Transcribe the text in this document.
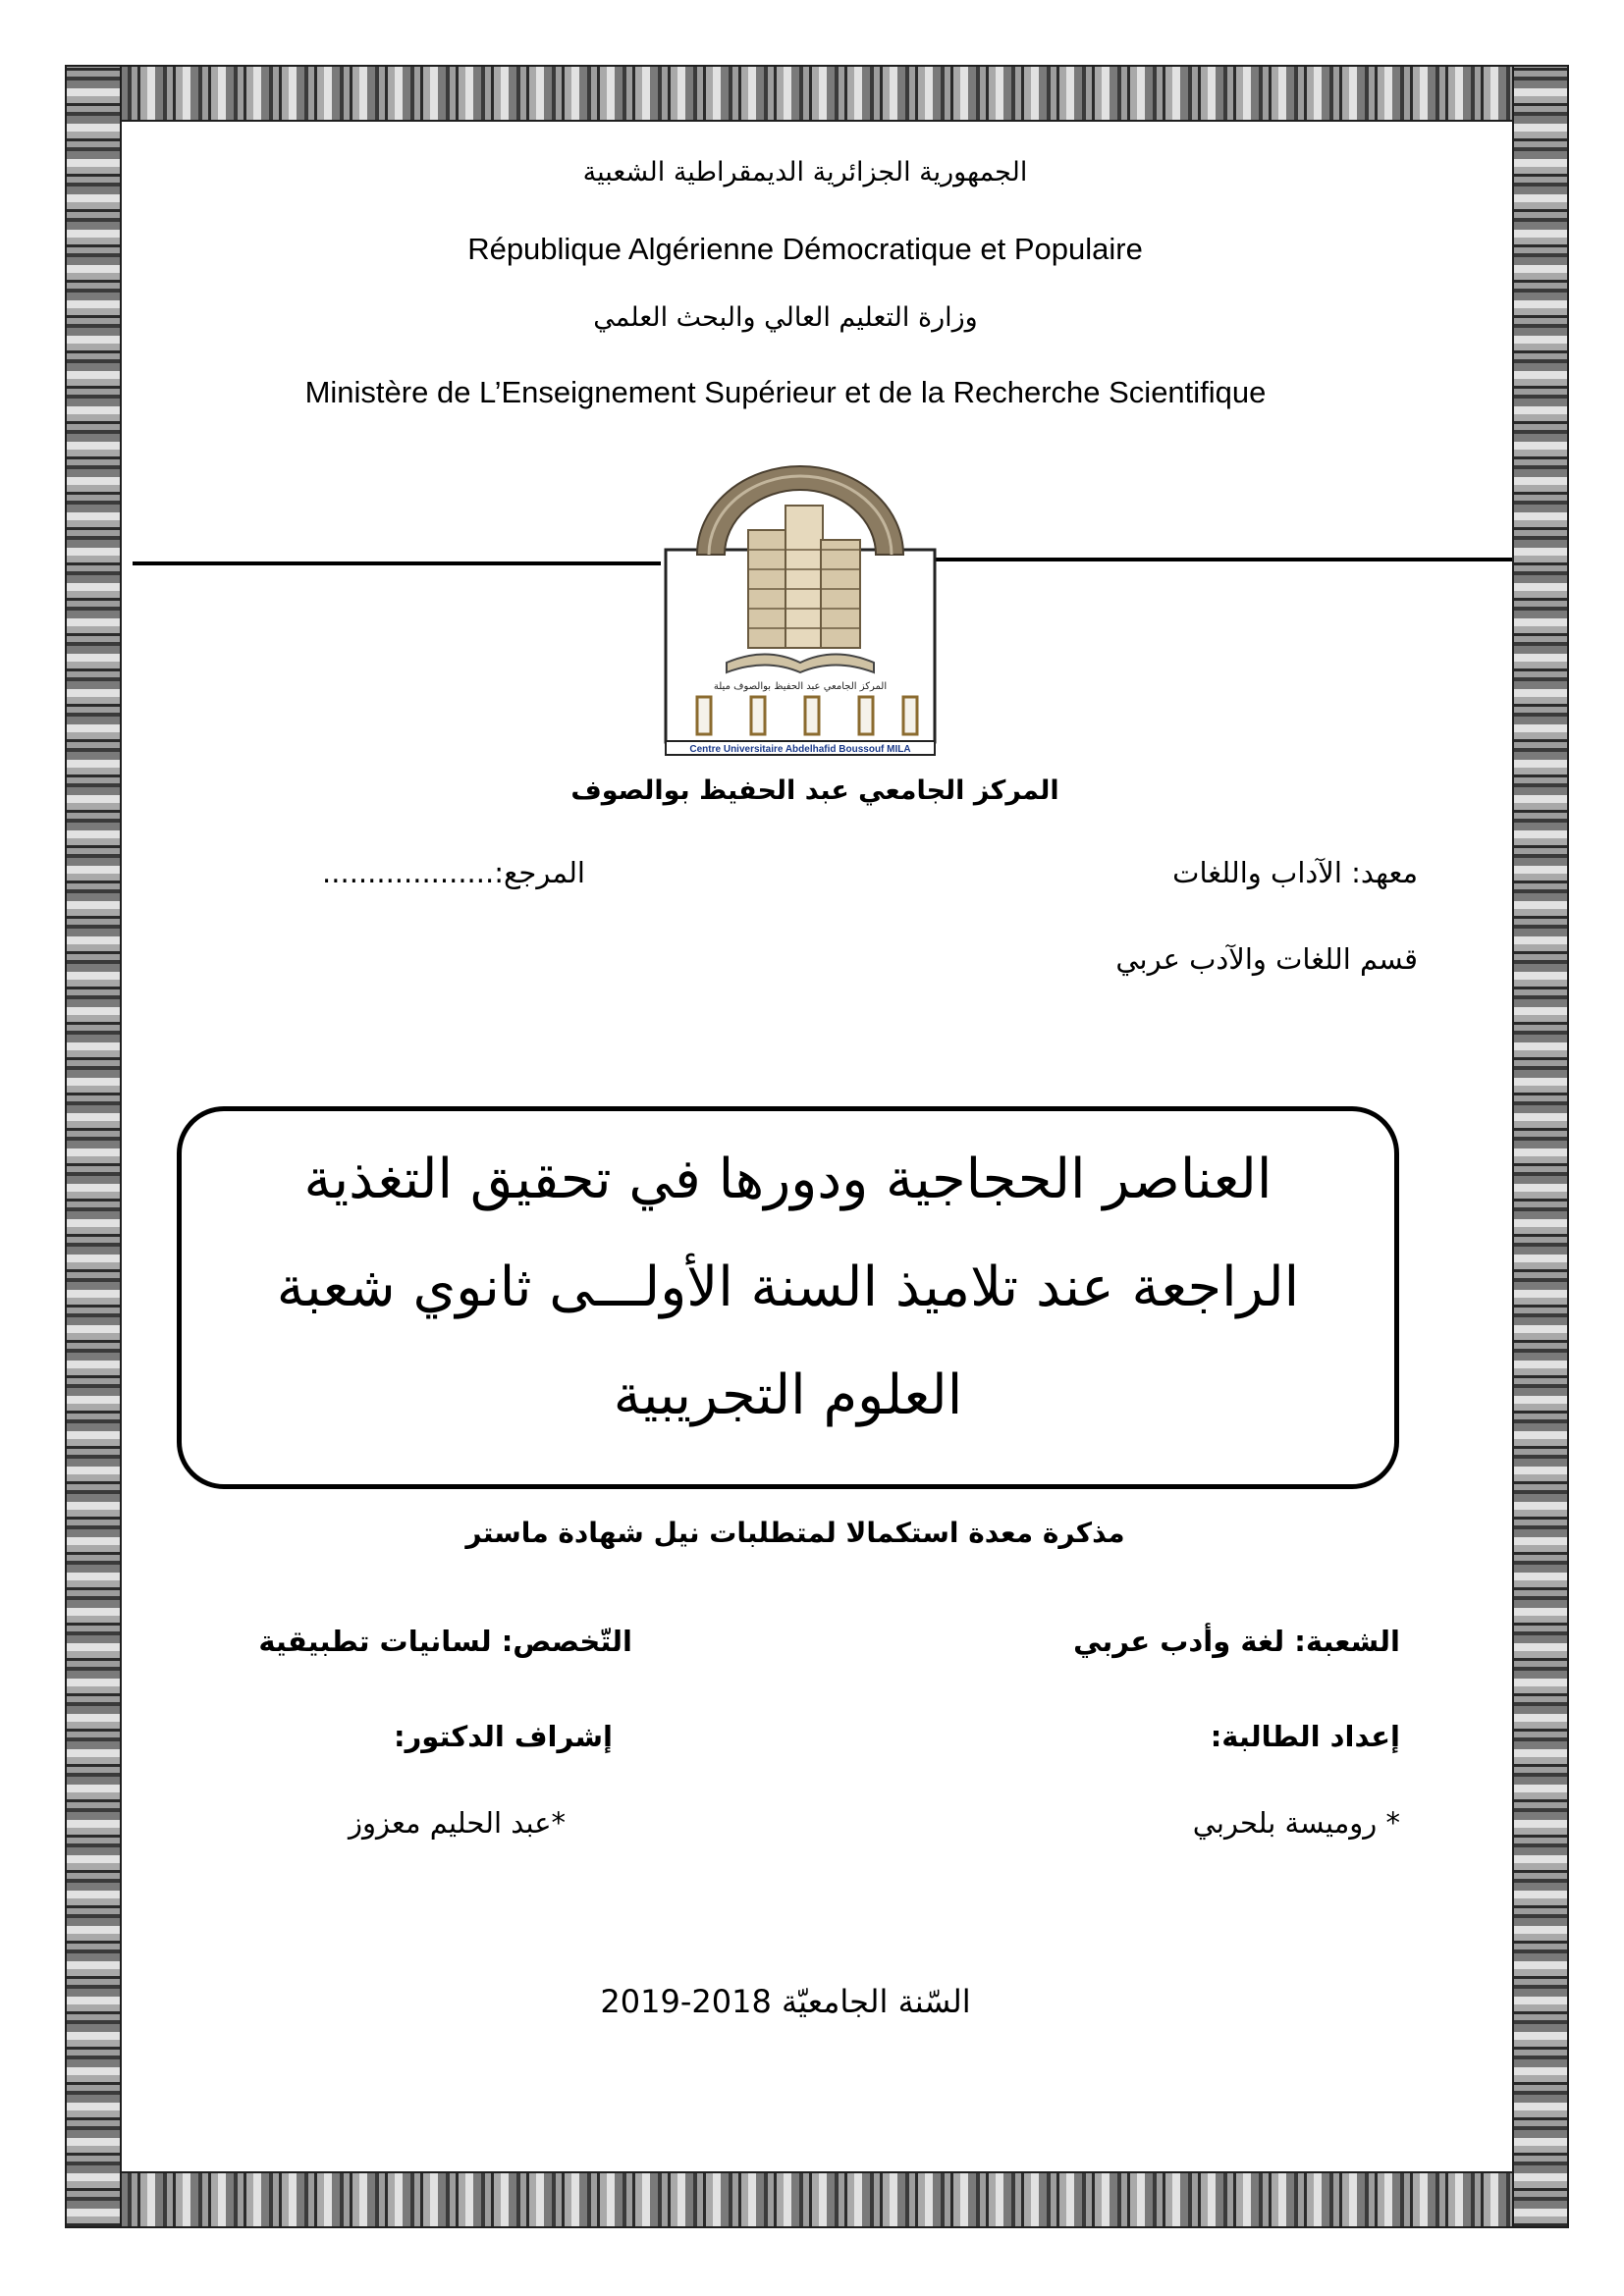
الجمهورية الجزائرية الديمقراطية الشعبية
République Algérienne Démocratique et Populaire
وزارة التعليم العالي والبحث العلمي
Ministère de L’Enseignement Supérieur et de la Recherche Scientifique
المركز الجامعي عبد الحفيظ بوالصوف ميلة
Centre Universitaire Abdelhafid Boussouf MILA
المركز الجامعي عبد الحفيظ بوالصوف
معهد: الآداب واللغات
المرجع:...................
قسم اللغات والآدب عربي
العناصر الحجاجية ودورها في تحقيق التغذية
الراجعة عند تلاميذ السنة الأولـــى ثانوي شعبة
العلوم التجريبية
مذكرة معدة استكمالا لمتطلبات نيل شهادة ماستر
الشعبة: لغة وأدب عربي
التّخصص: لسانيات تطبيقية
إعداد الطالبة:
إشراف الدكتور:
* روميسة بلحربي
*عبد الحليم معزوز
السّنة الجامعيّة 2018-2019
